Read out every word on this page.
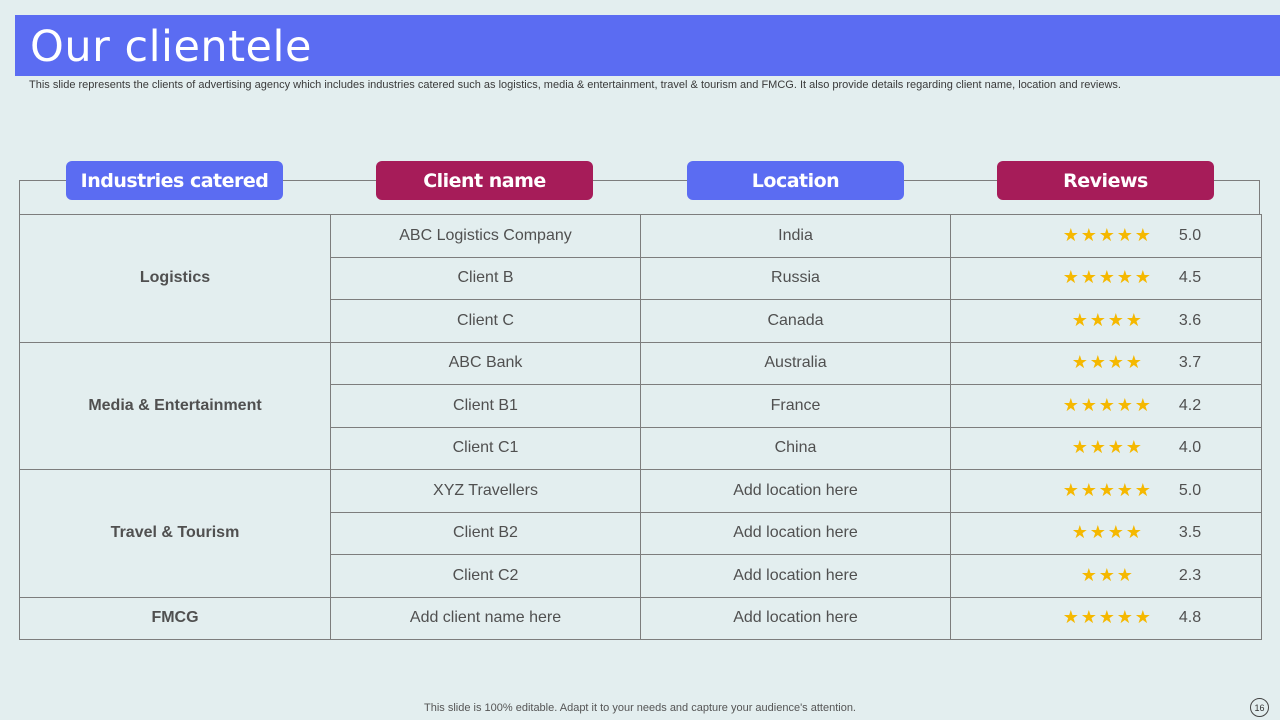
Our clientele
This slide represents the clients of advertising agency which includes industries catered such as logistics, media & entertainment, travel & tourism and FMCG. It also provide details regarding client name, location and reviews.
Industries catered	Client name	Location	Reviews
Logistics	ABC Logistics Company	India	★ ★ ★ ★ ★ 5.0
	Client B	Russia	★ ★ ★ ★ ★ 4.5
	Client C	Canada	★ ★ ★ ★ 3.6
Media & Entertainment	ABC Bank	Australia	★ ★ ★ ★ 3.7
	Client B1	France	★ ★ ★ ★ ★ 4.2
	Client C1	China	★ ★ ★ ★ 4.0
Travel & Tourism	XYZ Travellers	Add location here	★ ★ ★ ★ ★ 5.0
	Client B2	Add location here	★ ★ ★ ★ 3.5
	Client C2	Add location here	★ ★ ★ 2.3
FMCG	Add client name here	Add location here	★ ★ ★ ★ ★ 4.8
This slide is 100% editable. Adapt it to your needs and capture your audience's attention.	16
